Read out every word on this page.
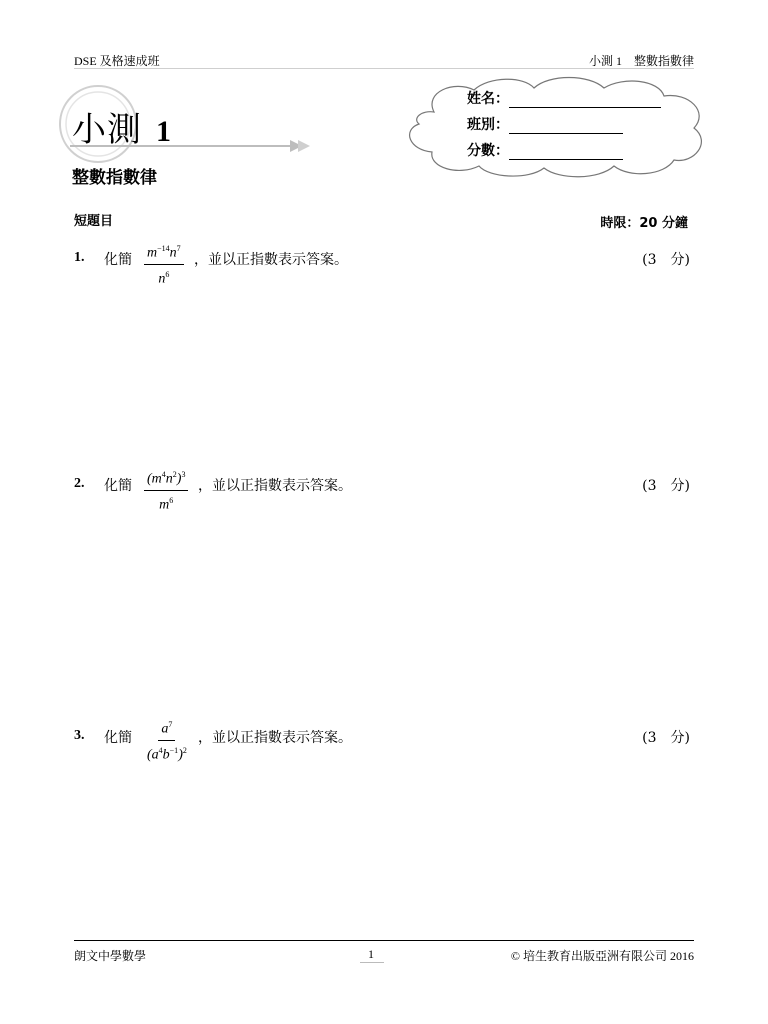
DSE 及格速成班	小測 1　整數指數律
小測 1
整數指數律
姓名：
班別：
分數：
短題目	時限：20 分鐘
1. 化簡 $\frac{m^{-14}n^7}{n^6}$ ，並以正指數表示答案。	(3　分)
2. 化簡 $\frac{(m^4n^2)^3}{m^6}$ ，並以正指數表示答案。	(3　分)
3. 化簡 $\frac{a^7}{(a^4b^{-1})^2}$ ，並以正指數表示答案。	(3　分)
朗文中學數學	1	© 培生教育出版亞洲有限公司 2016
